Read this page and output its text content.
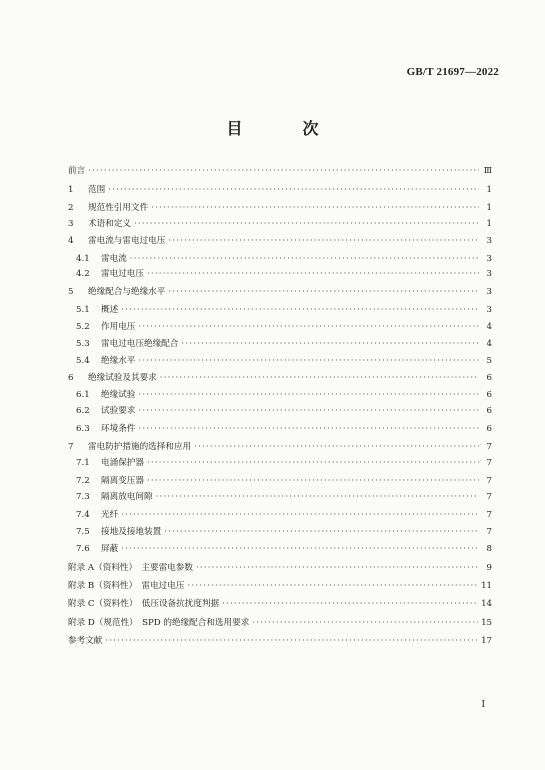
GB/T 21697—2022
目　次
前言 ·····	Ⅲ
1	范围 ·····	1
2	规范性引用文件 ·····	1
3	术语和定义 ·····	1
4	雷电流与雷电过电压 ·····	3
4.1	雷电流 ·····	3
4.2	雷电过电压 ·····	3
5	绝缘配合与绝缘水平 ·····	3
5.1	概述 ·····	3
5.2	作用电压 ·····	4
5.3	雷电过电压绝缘配合 ·····	4
5.4	绝缘水平 ·····	5
6	绝缘试验及其要求 ·····	6
6.1	绝缘试验 ·····	6
6.2	试验要求 ·····	6
6.3	环境条件 ·····	6
7	雷电防护措施的选择和应用 ·····	7
7.1	电涌保护器 ·····	7
7.2	隔离变压器 ·····	7
7.3	隔离放电间隙 ·····	7
7.4	光纤 ·····	7
7.5	接地及接地装置 ·····	7
7.6	屏蔽 ·····	8
附录 A（资料性）　主要雷电参数 ·····	9
附录 B（资料性）　雷电过电压 ·····	11
附录 C（资料性）　低压设备抗扰度判据 ·····	14
附录 D（规范性）　SPD 的绝缘配合和选用要求 ·····	15
参考文献 ·····	17
Ⅰ
